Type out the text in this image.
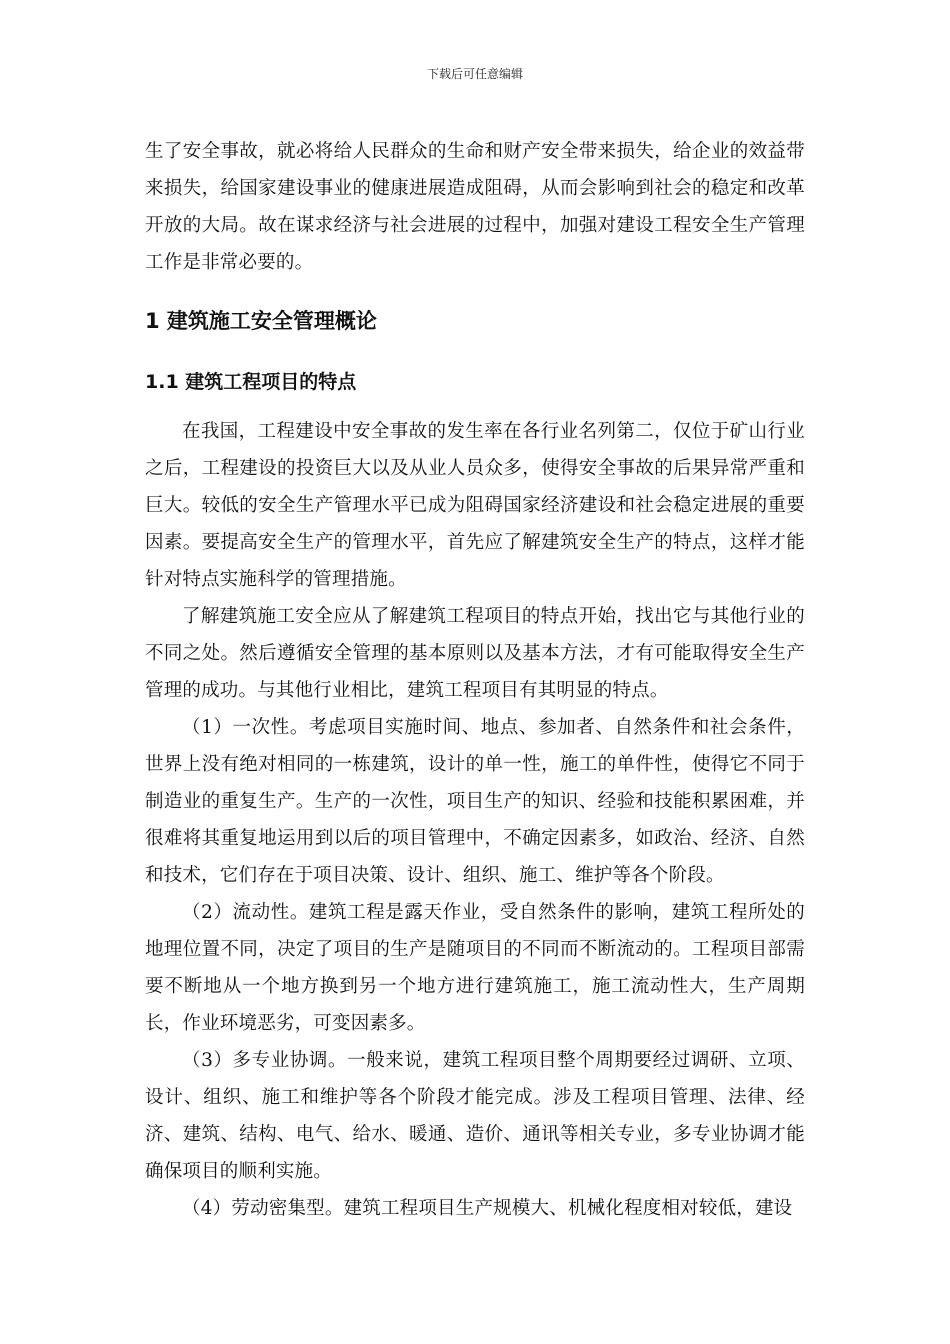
下载后可任意编辑

生了安全事故，就必将给人民群众的生命和财产安全带来损失，给企业的效益带来损失，给国家建设事业的健康进展造成阻碍，从而会影响到社会的稳定和改革开放的大局。故在谋求经济与社会进展的过程中，加强对建设工程安全生产管理工作是非常必要的。

1 建筑施工安全管理概论
1.1 建筑工程项目的特点

在我国，工程建设中安全事故的发生率在各行业名列第二，仅位于矿山行业之后，工程建设的投资巨大以及从业人员众多，使得安全事故的后果异常严重和巨大。较低的安全生产管理水平已成为阻碍国家经济建设和社会稳定进展的重要因素。要提高安全生产的管理水平，首先应了解建筑安全生产的特点，这样才能针对特点实施科学的管理措施。

了解建筑施工安全应从了解建筑工程项目的特点开始，找出它与其他行业的不同之处。然后遵循安全管理的基本原则以及基本方法，才有可能取得安全生产管理的成功。与其他行业相比，建筑工程项目有其明显的特点。

（1）一次性。考虑项目实施时间、地点、参加者、自然条件和社会条件，世界上没有绝对相同的一栋建筑，设计的单一性，施工的单件性，使得它不同于制造业的重复生产。生产的一次性，项目生产的知识、经验和技能积累困难，并很难将其重复地运用到以后的项目管理中，不确定因素多，如政治、经济、自然和技术，它们存在于项目决策、设计、组织、施工、维护等各个阶段。

（2）流动性。建筑工程是露天作业，受自然条件的影响，建筑工程所处的地理位置不同，决定了项目的生产是随项目的不同而不断流动的。工程项目部需要不断地从一个地方换到另一个地方进行建筑施工，施工流动性大，生产周期长，作业环境恶劣，可变因素多。

（3）多专业协调。一般来说，建筑工程项目整个周期要经过调研、立项、设计、组织、施工和维护等各个阶段才能完成。涉及工程项目管理、法律、经济、建筑、结构、电气、给水、暖通、造价、通讯等相关专业，多专业协调才能确保项目的顺利实施。

（4）劳动密集型。建筑工程项目生产规模大、机械化程度相对较低，建设
